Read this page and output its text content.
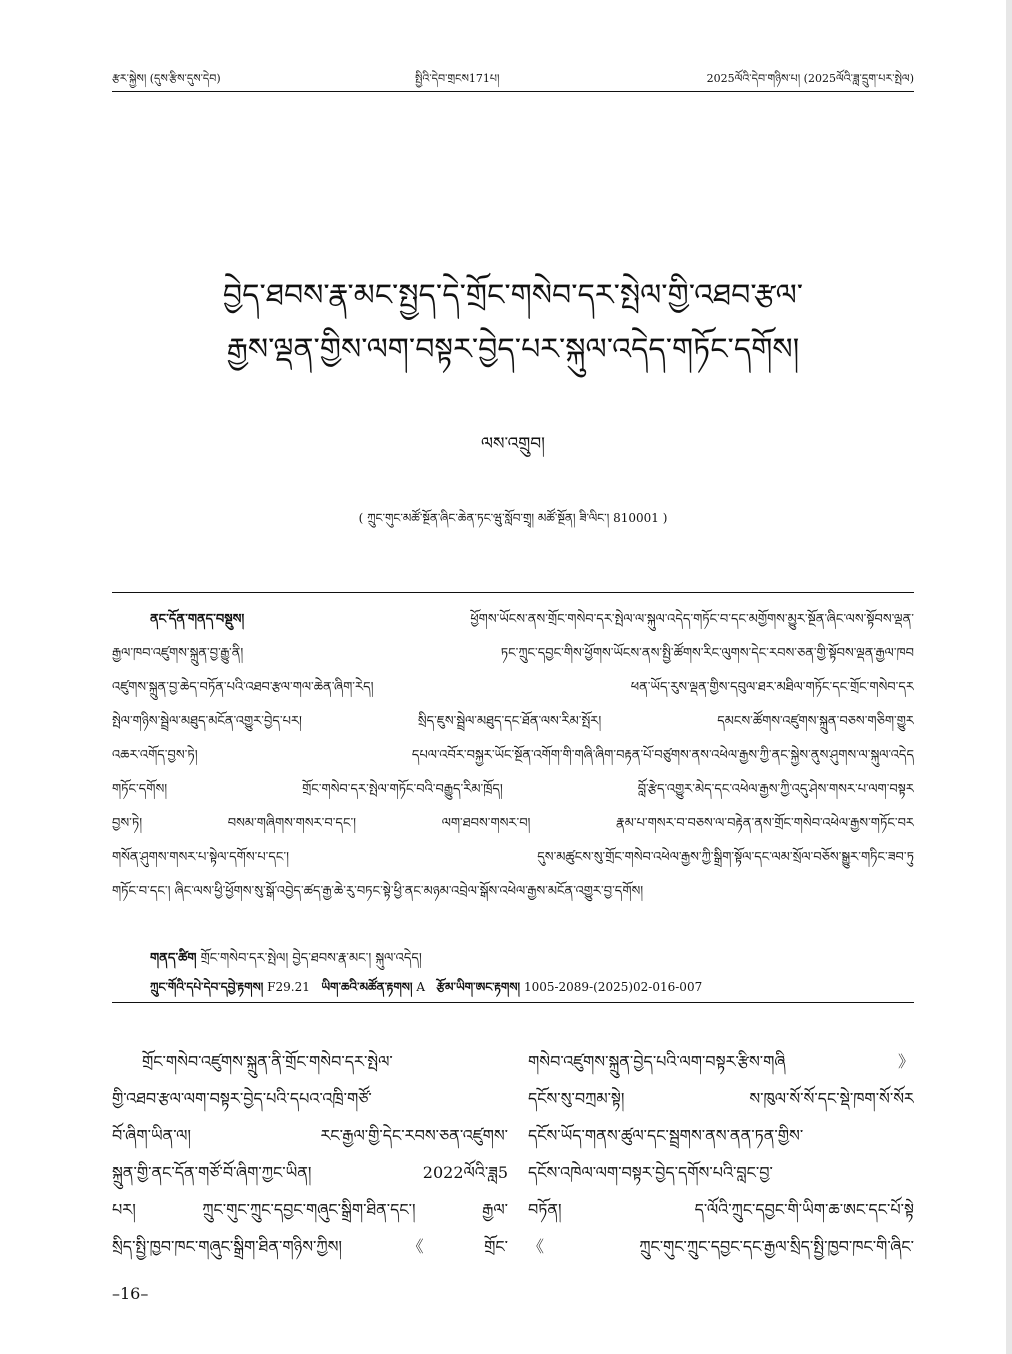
རྩར་སྐྱེས། (དུས་རྩིས་དུས་དེབ)	སྤྱིའི་དེབ་གྲངས171པ།	2025ལོའི་དེབ་གཉིས་པ། (2025ལོའི་ཟླ་དྲུག་པར་སྤེལ)
བྱེད་ཐབས་རྣ་མང་སྤྱད་དེ་གྲོང་གསེབ་དར་སྤེལ་གྱི་འཐབ་རྩལ་
རྒྱས་ལྡན་གྱིས་ལག་བསྟར་བྱེད་པར་སྐུལ་འདེད་གཏོང་དགོས།
ལས་འགྲུབ།
( ཀྲུང་གུང་མཚོ་སྔོན་ཞིང་ཆེན་ཏང་ཝུ་སློབ་གྲྭ། མཚོ་སྔོན། ཟི་ལིང་། 810001 )
ནང་དོན་གནད་བསྡུས།	ཕྱོགས་ཡོངས་ནས་གྲོང་གསེབ་དར་སྤེལ་ལ་སྐུལ་འདེད་གཏོང་བ་དང་མགྱོགས་མྱུར་སྔོན་ཞིང་ལས་སྟོབས་ལྡན་
རྒྱལ་ཁབ་འཛུགས་སྐྲུན་བྱ་རྒྱུ་ནི། ཏང་ཀྲུང་དབྱང་གིས་ཕྱོགས་ཡོངས་ནས་སྤྱི་ཚོགས་རིང་ལུགས་དེང་རབས་ཅན་གྱི་སྟོབས་ལྡན་རྒྱལ་ཁབ
འཛུགས་སྐྲུན་བྱ་ཆེད་བཏོན་པའི་འཐབ་རྩལ་གལ་ཆེན་ཞིག་རེད། ཕན་ཡོད་རུས་ལྡན་གྱིས་དབུལ་ཐར་མཐིལ་གཏོང་དང་གྲོང་གསེབ་དར
སྤེལ་གཉིས་སྦྲེལ་མཐུད་མངོན་འགྱུར་བྱེད་པར། སྲིད་ཇུས་སྦྲེལ་མཐུད་དང་ཐོན་ལས་རིམ་སྤོར། དམངས་ཚོགས་འཛུགས་སྐྲུན་བཅས་གཅིག་གྱུར
འཆར་འགོད་བྱས་ཏེ། དཔལ་འབོར་བསྐྱར་ཡོང་སྔོན་འགོག་གི་གཞི་ཞིག་བརྟན་པོ་བཙུགས་ནས་འཕེལ་རྒྱས་ཀྱི་ནང་སྐྱེས་ནུས་ཤུགས་ལ་སྐུལ་འདེད
གཏོང་དགོས། གྲོང་གསེབ་དར་སྤེལ་གཏོང་བའི་བརྒྱུད་རིམ་ཁྲོད། བློ་རྩེད་འགྱུར་མེད་དང་འཕེལ་རྒྱས་ཀྱི་འདུ་ཤེས་གསར་པ་ལག་བསྟར
བྱས་ཏེ། བསམ་གཞིགས་གསར་བ་དང་། ལག་ཐབས་གསར་བ། རྣམ་པ་གསར་བ་བཅས་ལ་བརྟེན་ནས་གྲོང་གསེབ་འཕེལ་རྒྱས་གཏོང་བར
གསོན་ཤུགས་གསར་པ་སྟེལ་དགོས་པ་དང་། དུས་མཚུངས་སུ་གྲོང་གསེབ་འཕེལ་རྒྱས་ཀྱི་སྒྲིག་སྟོལ་དང་ལམ་སྲོལ་བཅོས་སྒྱུར་གཏིང་ཟབ་ཏུ
གཏོང་བ་དང་། ཞིང་ལས་ཕྱི་ཕྱོགས་སུ་སྒོ་འབྱེད་ཚད་རྒྱ་ཆེ་རུ་བཏང་སྟེ་ཕྱི་ནང་མཉམ་འབྲེལ་སྒོས་འཕེལ་རྒྱས་མངོན་འགྱུར་བྱ་དགོས།
གནད་ཚིག གྲོང་གསེབ་དར་སྤེལ། བྱེད་ཐབས་རྣ་མང་། སྐུལ་འདེད།
ཀྲུང་གོའི་དཔེ་དེབ་དབྱེ་རྟགས། F29.21 ཡིག་ཆའི་མཚོན་རྟགས། A རྩོམ་ཡིག་ཨང་རྟགས། 1005-2089-(2025)02-016-007
གྲོང་གསེབ་འཛུགས་སྐྲུན་ནི་གྲོང་གསེབ་དར་སྤེལ་
གྱི་འཐབ་རྩལ་ལག་བསྟར་བྱེད་པའི་དཔའ་འཁྲི་གཙོ་
བོ་ཞིག་ཡིན་ལ། རང་རྒྱལ་གྱི་དེང་རབས་ཅན་འཛུགས་
སྐྲུན་གྱི་ནང་དོན་གཙོ་བོ་ཞིག་ཀྱང་ཡིན། 2022ལོའི་ཟླ5
པར། ཀྲུང་གུང་ཀྲུང་དབྱང་གཞུང་སྒྲིག་ཐིན་དང་། རྒྱལ་
སྲིད་སྤྱི་ཁྱབ་ཁང་གཞུང་སྒྲིག་ཐིན་གཉིས་ཀྱིས། 《གྲོང་
གསེབ་འཛུགས་སྐྲུན་བྱེད་པའི་ལག་བསྟར་རྩིས་གཞི》
དངོས་སུ་བཀྲམ་སྟེ། ས་ཁུལ་སོ་སོ་དང་སྡེ་ཁག་སོ་སོར
དངོས་ཡོད་གནས་ཚུལ་དང་སྦྲགས་ནས་ནན་ཏན་གྱིས་
དངོས་འཁེལ་ལག་བསྟར་བྱེད་དགོས་པའི་བླང་བྱ་
བཏོན། ད་ལོའི་ཀྲུང་དབྱང་གི་ཡིག་ཆ་ཨང་དང་པོ་སྟེ
《ཀྲུང་གུང་ཀྲུང་དབྱང་དང་རྒྱལ་སྲིད་སྤྱི་ཁྱབ་ཁང་གི་ཞིང་
–16–
